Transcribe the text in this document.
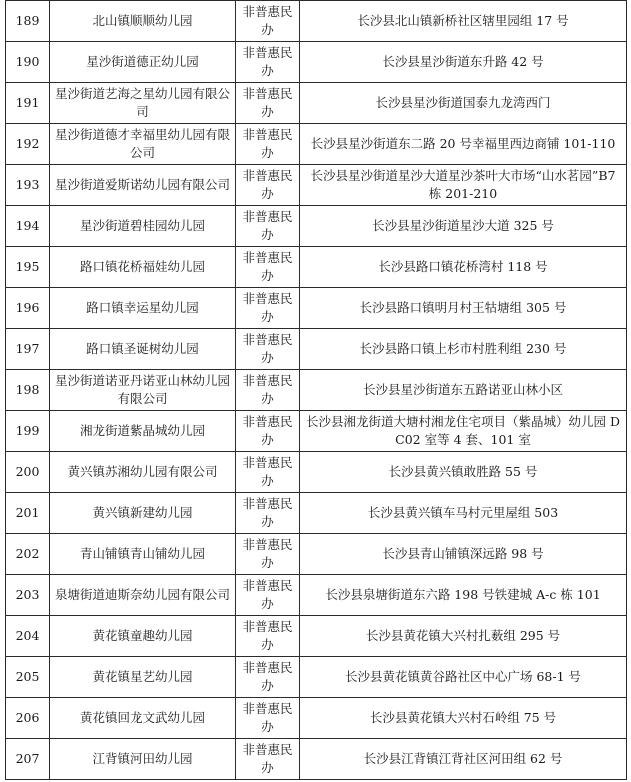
189	北山镇顺顺幼儿园	非普惠民办	长沙县北山镇新桥社区辖里园组 17 号
190	星沙街道德正幼儿园	非普惠民办	长沙县星沙街道东升路 42 号
191	星沙街道艺海之星幼儿园有限公司	非普惠民办	长沙县星沙街道国泰九龙湾西门
192	星沙街道德才幸福里幼儿园有限公司	非普惠民办	长沙县星沙街道东二路 20 号幸福里西边商铺 101-110
193	星沙街道爱斯诺幼儿园有限公司	非普惠民办	长沙县星沙街道星沙大道星沙茶叶大市场“山水茗园”B7 栋 201-210
194	星沙街道碧桂园幼儿园	非普惠民办	长沙县星沙街道星沙大道 325 号
195	路口镇花桥福娃幼儿园	非普惠民办	长沙县路口镇花桥湾村 118 号
196	路口镇幸运星幼儿园	非普惠民办	长沙县路口镇明月村王牯塘组 305 号
197	路口镇圣诞树幼儿园	非普惠民办	长沙县路口镇上杉市村胜利组 230 号
198	星沙街道诺亚丹诺亚山林幼儿园有限公司	非普惠民办	长沙县星沙街道东五路诺亚山林小区
199	湘龙街道紫晶城幼儿园	非普惠民办	长沙县湘龙街道大塘村湘龙住宅项目（紫晶城）幼儿园 DC02 室等 4 套、101 室
200	黄兴镇苏湘幼儿园有限公司	非普惠民办	长沙县黄兴镇敢胜路 55 号
201	黄兴镇新建幼儿园	非普惠民办	长沙县黄兴镇车马村元里屋组 503
202	青山铺镇青山铺幼儿园	非普惠民办	长沙县青山铺镇深远路 98 号
203	泉塘街道迪斯奈幼儿园有限公司	非普惠民办	长沙县泉塘街道东六路 198 号铁建城 A-c 栋 101
204	黄花镇童趣幼儿园	非普惠民办	长沙县黄花镇大兴村扎薮组 295 号
205	黄花镇星艺幼儿园	非普惠民办	长沙县黄花镇黄谷路社区中心广场 68-1 号
206	黄花镇回龙文武幼儿园	非普惠民办	长沙县黄花镇大兴村石岭组 75 号
207	江背镇河田幼儿园	非普惠民办	长沙县江背镇江背社区河田组 62 号
